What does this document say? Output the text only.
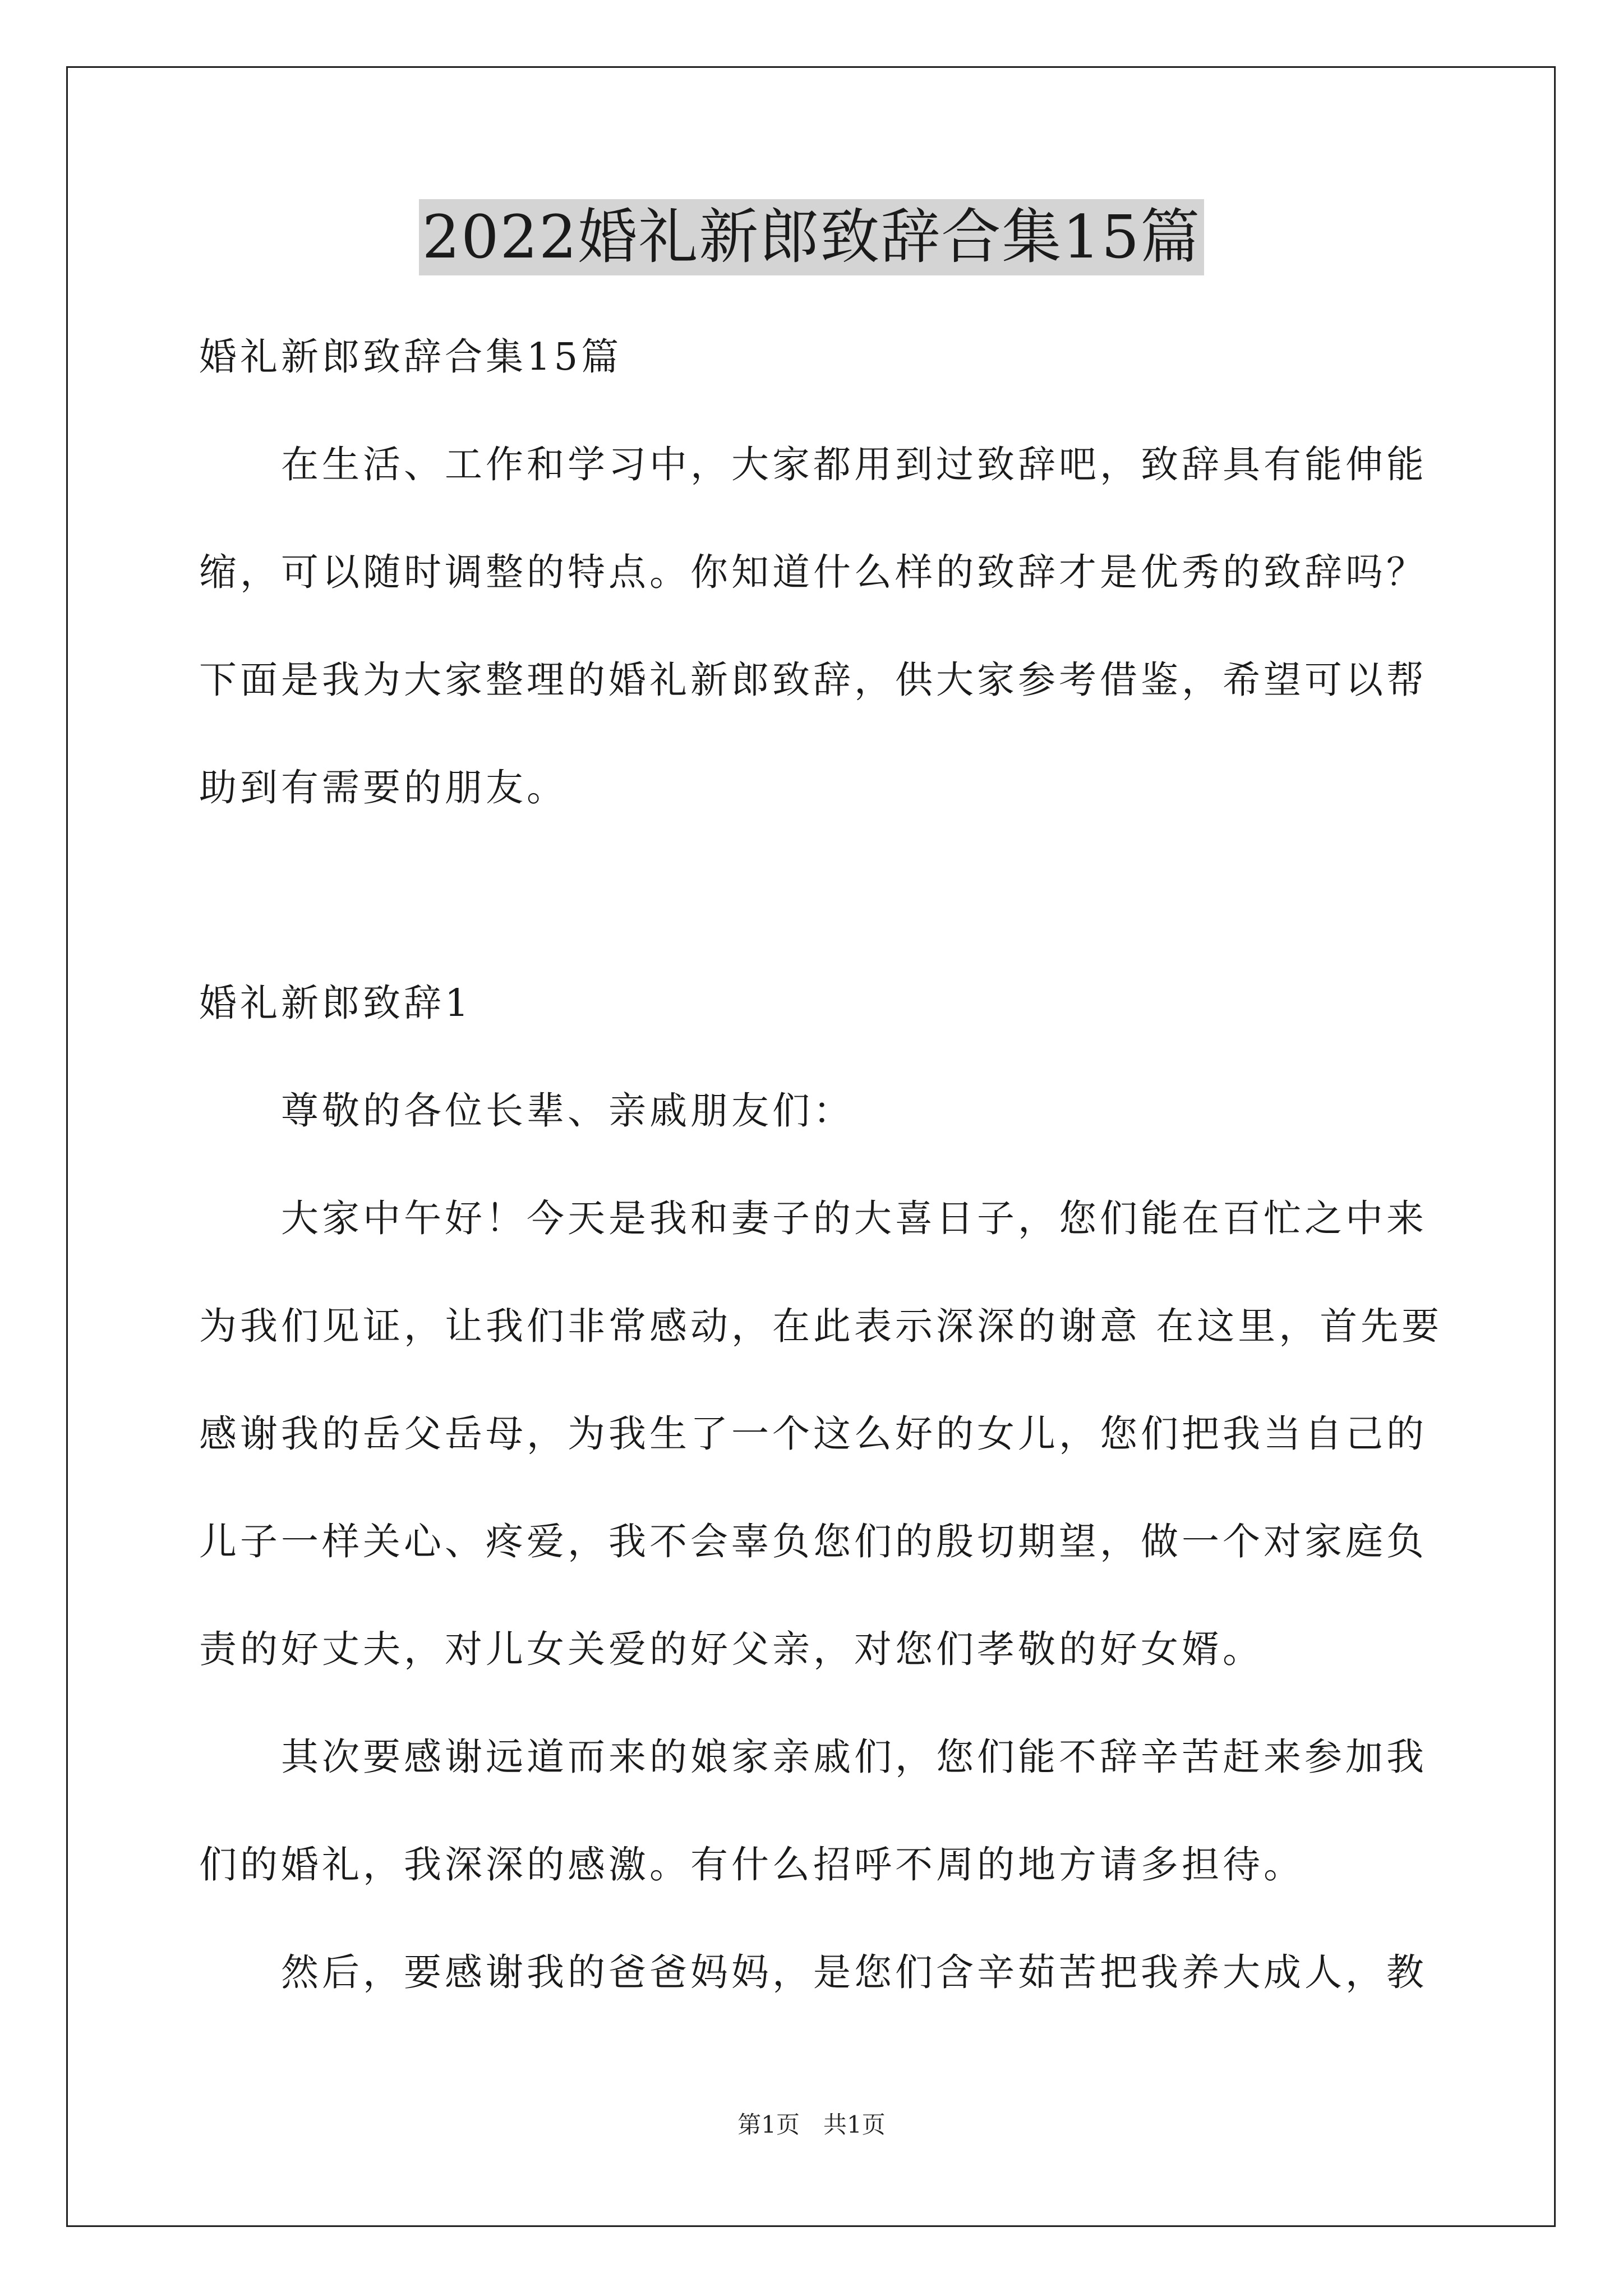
2022婚礼新郎致辞合集15篇
婚礼新郎致辞合集15篇
在生活、工作和学习中，大家都用到过致辞吧，致辞具有能伸能
缩，可以随时调整的特点。你知道什么样的致辞才是优秀的致辞吗？
下面是我为大家整理的婚礼新郎致辞，供大家参考借鉴，希望可以帮
助到有需要的朋友。
婚礼新郎致辞1
尊敬的各位长辈、亲戚朋友们：
大家中午好！今天是我和妻子的大喜日子，您们能在百忙之中来
为我们见证，让我们非常感动，在此表示深深的谢意 在这里，首先要
感谢我的岳父岳母，为我生了一个这么好的女儿，您们把我当自己的
儿子一样关心、疼爱，我不会辜负您们的殷切期望，做一个对家庭负
责的好丈夫，对儿女关爱的好父亲，对您们孝敬的好女婿。
其次要感谢远道而来的娘家亲戚们，您们能不辞辛苦赶来参加我
们的婚礼，我深深的感激。有什么招呼不周的地方请多担待。
然后，要感谢我的爸爸妈妈，是您们含辛茹苦把我养大成人，教
第1页　共1页
